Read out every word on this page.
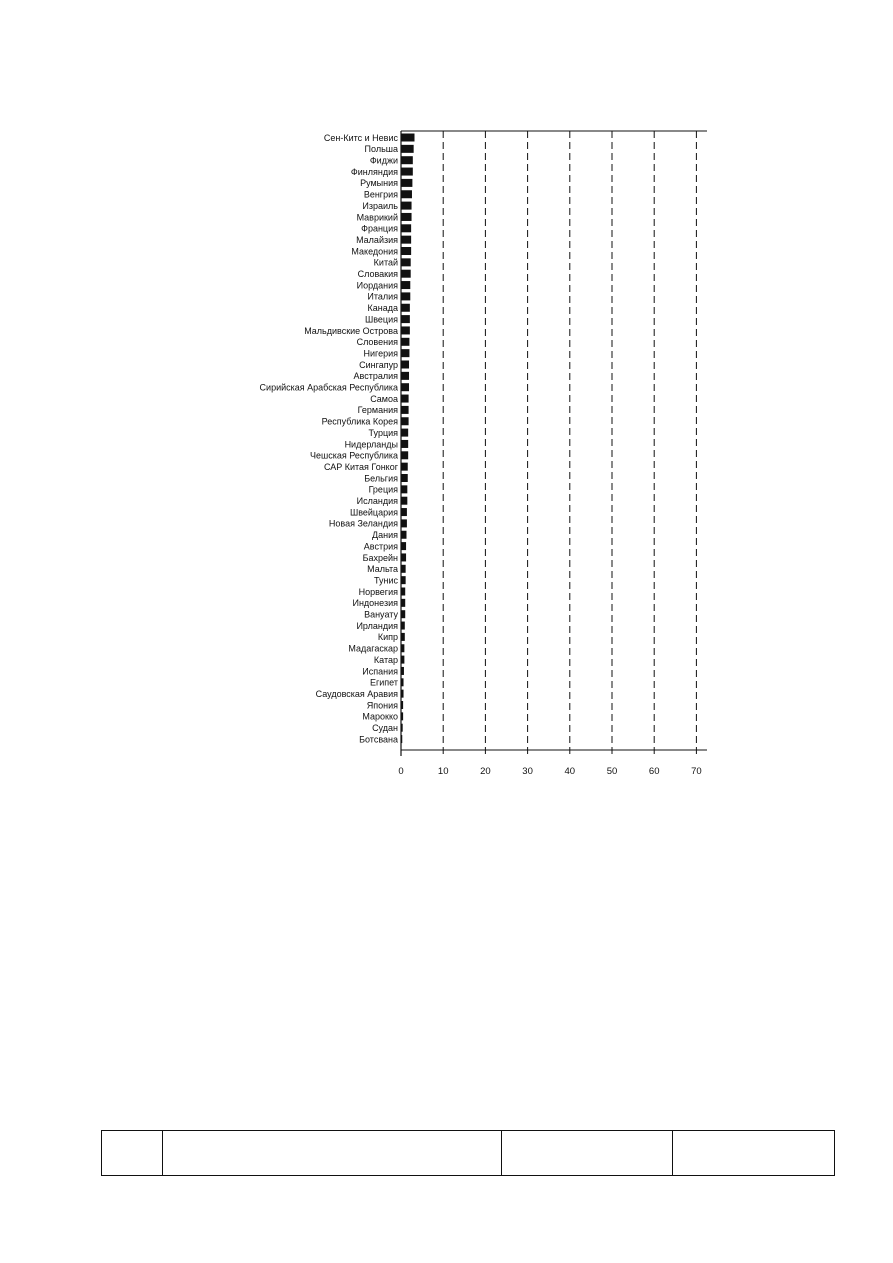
Сен-Китс и Невис
Польша
Фиджи
Финляндия
Румыния
Венгрия
Израиль
Маврикий
Франция
Малайзия
Македония
Китай
Словакия
Иордания
Италия
Канада
Швеция
Мальдивские Острова
Словения
Нигерия
Сингапур
Австралия
Сирийская Арабская Республика
Самоа
Германия
Республика Корея
Турция
Нидерланды
Чешская Республика
САР Китая Гонког
Бельгия
Греция
Исландия
Швейцария
Новая Зеландия
Дания
Австрия
Бахрейн
Мальта
Тунис
Норвегия
Индонезия
Вануату
Ирландия
Кипр
Мадагаскар
Катар
Испания
Египет
Саудовская Аравия
Япония
Марокко
Судан
Ботсвана
0	10	20	30	40	50	60	70
